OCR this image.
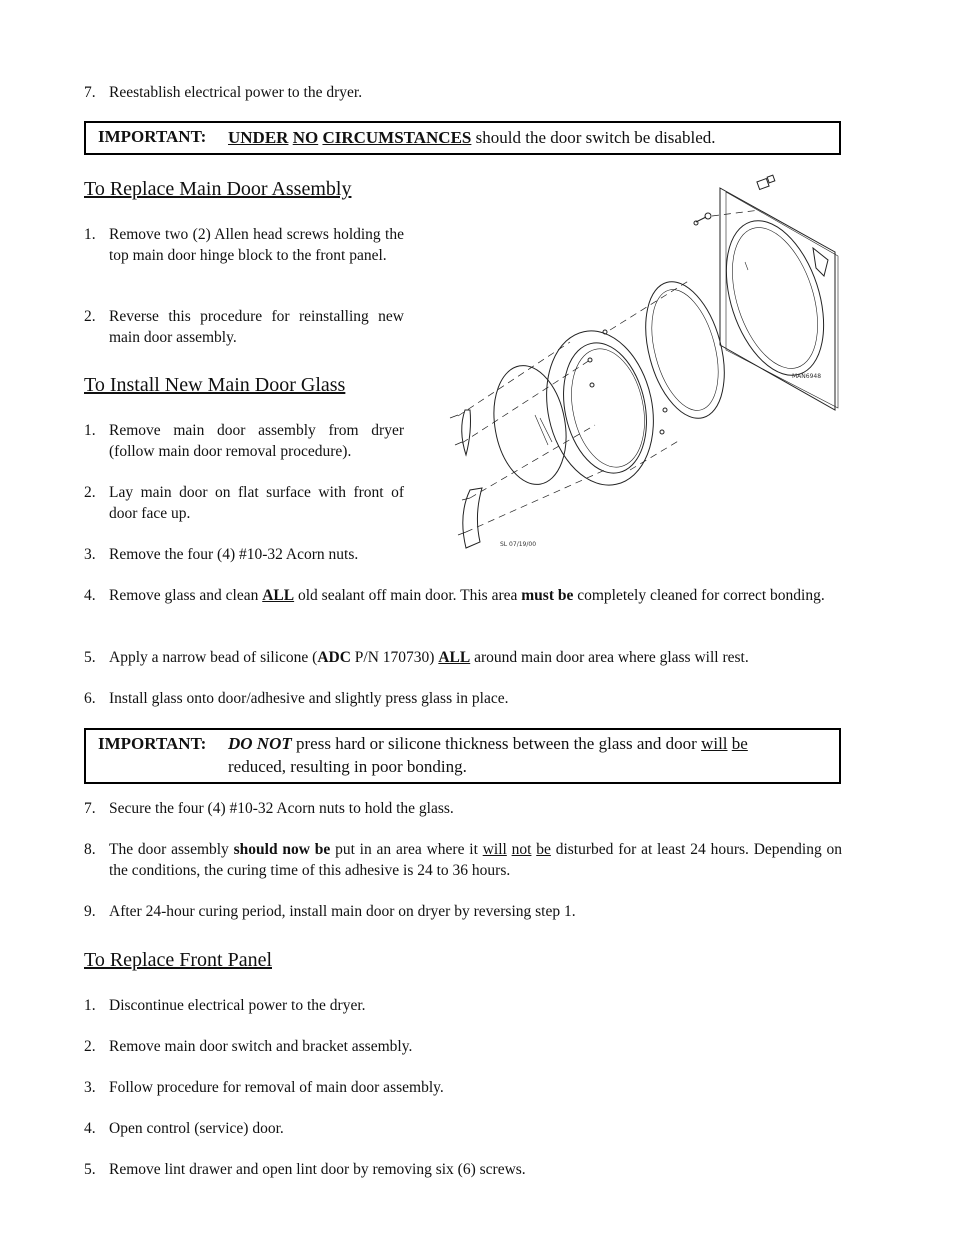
7. Reestablish electrical power to the dryer.
IMPORTANT: UNDER NO CIRCUMSTANCES should the door switch be disabled.
To Replace Main Door Assembly
1. Remove two (2) Allen head screws holding the top main door hinge block to the front panel.
2. Reverse this procedure for reinstalling new main door assembly.
To Install New Main Door Glass
1. Remove main door assembly from dryer (follow main door removal procedure).
2. Lay main door on flat surface with front of door face up.
3. Remove the four (4) #10-32 Acorn nuts.
4. Remove glass and clean ALL old sealant off main door. This area must be completely cleaned for correct bonding.
5. Apply a narrow bead of silicone (ADC P/N 170730) ALL around main door area where glass will rest.
6. Install glass onto door/adhesive and slightly press glass in place.
IMPORTANT: DO NOT press hard or silicone thickness between the glass and door will be reduced, resulting in poor bonding.
7. Secure the four (4) #10-32 Acorn nuts to hold the glass.
8. The door assembly should now be put in an area where it will not be disturbed for at least 24 hours. Depending on the conditions, the curing time of this adhesive is 24 to 36 hours.
9. After 24-hour curing period, install main door on dryer by reversing step 1.
To Replace Front Panel
1. Discontinue electrical power to the dryer.
2. Remove main door switch and bracket assembly.
3. Follow procedure for removal of main door assembly.
4. Open control (service) door.
5. Remove lint drawer and open lint door by removing six (6) screws.
MAN6948
SL 07/19/00
